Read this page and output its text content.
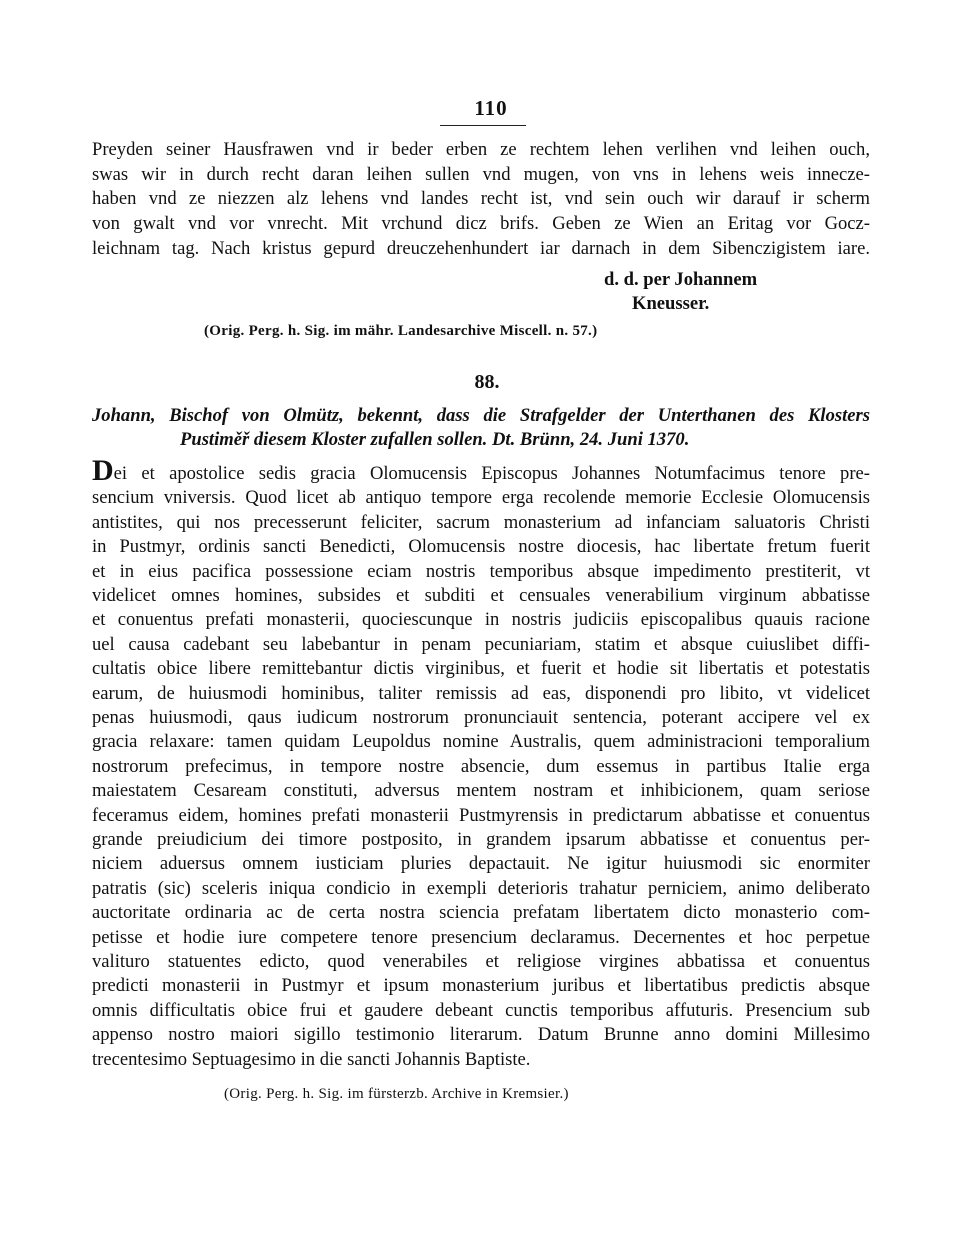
110
Preyden seiner Hausfrawen vnd ir beder erben ze rechtem lehen verlihen vnd leihen ouch,
swas wir in durch recht daran leihen sullen vnd mugen, von vns in lehens weis innecze-
haben vnd ze niezzen alz lehens vnd landes recht ist, vnd sein ouch wir darauf ir scherm
von gwalt vnd vor vnrecht. Mit vrchund dicz brifs. Geben ze Wien an Eritag vor Gocz-
leichnam tag. Nach kristus gepurd dreuczehenhundert iar darnach in dem Sibenczigistem iare.
d. d. per Johannem
Kneusser.
(Orig. Perg. h. Sig. im mähr. Landesarchive Miscell. n. 57.)
88.
Johann, Bischof von Olmütz, bekennt, dass die Strafgelder der Unterthanen des Klosters
Pustiměř diesem Kloster zufallen sollen. Dt. Brünn, 24. Juni 1370.
Dei et apostolice sedis gracia Olomucensis Episcopus Johannes Notumfacimus tenore pre-
sencium vniversis. Quod licet ab antiquo tempore erga recolende memorie Ecclesie Olomucensis
antistites, qui nos precesserunt feliciter, sacrum monasterium ad infanciam saluatoris Christi
in Pustmyr, ordinis sancti Benedicti, Olomucensis nostre diocesis, hac libertate fretum fuerit
et in eius pacifica possessione eciam nostris temporibus absque impedimento prestiterit, vt
videlicet omnes homines, subsides et subditi et censuales venerabilium virginum abbatisse
et conuentus prefati monasterii, quociescunque in nostris judiciis episcopalibus quauis racione
uel causa cadebant seu labebantur in penam pecuniariam, statim et absque cuiuslibet diffi-
cultatis obice libere remittebantur dictis virginibus, et fuerit et hodie sit libertatis et potestatis
earum, de huiusmodi hominibus, taliter remissis ad eas, disponendi pro libito, vt videlicet
penas huiusmodi, qaus iudicum nostrorum pronunciauit sentencia, poterant accipere vel ex
gracia relaxare: tamen quidam Leupoldus nomine Australis, quem administracioni temporalium
nostrorum prefecimus, in tempore nostre absencie, dum essemus in partibus Italie erga
maiestatem Cesaream constituti, adversus mentem nostram et inhibicionem, quam seriose
feceramus eidem, homines prefati monasterii Pustmyrensis in predictarum abbatisse et conuentus
grande preiudicium dei timore postposito, in grandem ipsarum abbatisse et conuentus per-
niciem aduersus omnem iusticiam pluries depactauit. Ne igitur huiusmodi sic enormiter
patratis (sic) sceleris iniqua condicio in exempli deterioris trahatur perniciem, animo deliberato
auctoritate ordinaria ac de certa nostra sciencia prefatam libertatem dicto monasterio com-
petisse et hodie iure competere tenore presencium declaramus. Decernentes et hoc perpetue
valituro statuentes edicto, quod venerabiles et religiose virgines abbatissa et conuentus
predicti monasterii in Pustmyr et ipsum monasterium juribus et libertatibus predictis absque
omnis difficultatis obice frui et gaudere debeant cunctis temporibus affuturis. Presencium sub
appenso nostro maiori sigillo testimonio literarum. Datum Brunne anno domini Millesimo
trecentesimo Septuagesimo in die sancti Johannis Baptiste.
(Orig. Perg. h. Sig. im fürsterzb. Archive in Kremsier.)
